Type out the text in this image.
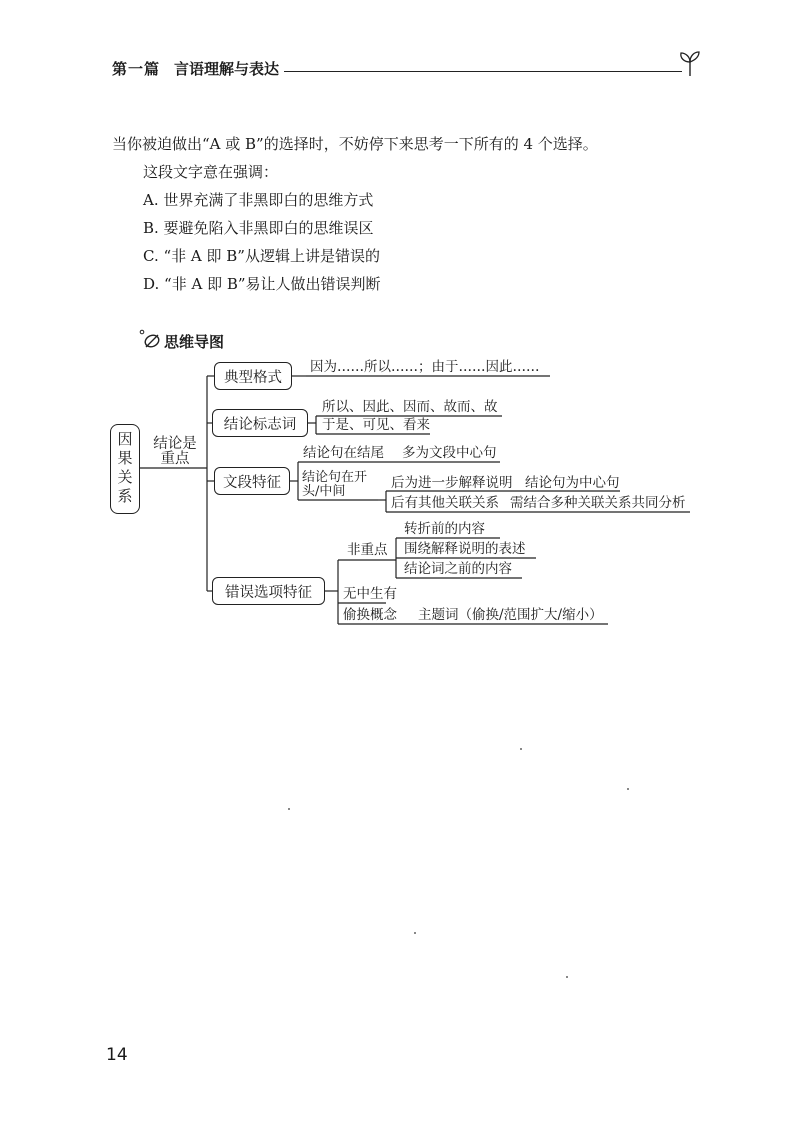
第一篇 言语理解与表达
当你被迫做出“A 或 B”的选择时，不妨停下来思考一下所有的 4 个选择。
这段文字意在强调：
A. 世界充满了非黑即白的思维方式
B. 要避免陷入非黑即白的思维误区
C. “非 A 即 B”从逻辑上讲是错误的
D. “非 A 即 B”易让人做出错误判断
思维导图
因果关系
结论是重点
典型格式
结论标志词
文段特征
错误选项特征
因为……所以……；由于……因此……
所以、因此、因而、故而、故
于是、可见、看来
结论句在结尾 多为文段中心句
结论句在开头/中间
后为进一步解释说明 结论句为中心句
后有其他关联关系 需结合多种关联关系共同分析
非重点
转折前的内容
围绕解释说明的表述
结论词之前的内容
无中生有
偷换概念 主题词（偷换/范围扩大/缩小）
14
